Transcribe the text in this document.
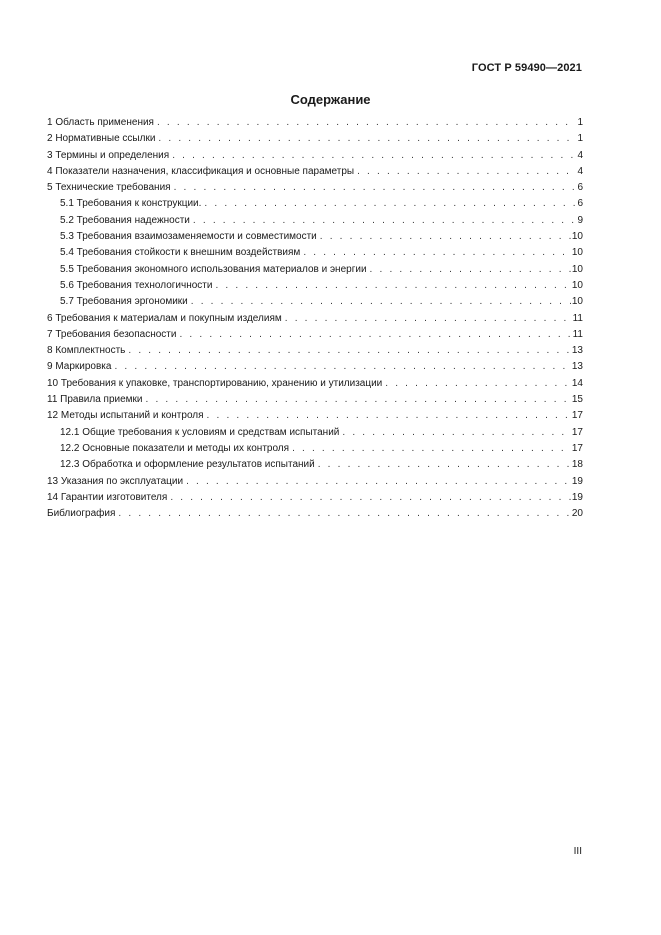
ГОСТ Р 59490—2021
Содержание
1 Область применения . . .	1
2 Нормативные ссылки . . .	1
3 Термины и определения . . .	4
4 Показатели назначения, классификация и основные параметры . . .	4
5 Технические требования . . .	6
5.1 Требования к конструкции. . . .	6
5.2 Требования надежности . . .	9
5.3 Требования взаимозаменяемости и совместимости . . .	10
5.4 Требования стойкости к внешним воздействиям . . .	10
5.5 Требования экономного использования материалов и энергии . . .	10
5.6 Требования технологичности . . .	10
5.7 Требования эргономики . . .	10
6 Требования к материалам и покупным изделиям . . .	11
7 Требования безопасности . . .	11
8 Комплектность . . .	13
9 Маркировка . . .	13
10 Требования к упаковке, транспортированию, хранению и утилизации . . .	14
11 Правила приемки . . .	15
12 Методы испытаний и контроля . . .	17
12.1 Общие требования к условиям и средствам испытаний . . .	17
12.2 Основные показатели и методы их контроля . . .	17
12.3 Обработка и оформление результатов испытаний . . .	18
13 Указания по эксплуатации . . .	19
14 Гарантии изготовителя . . .	19
Библиография . . .	20
III
